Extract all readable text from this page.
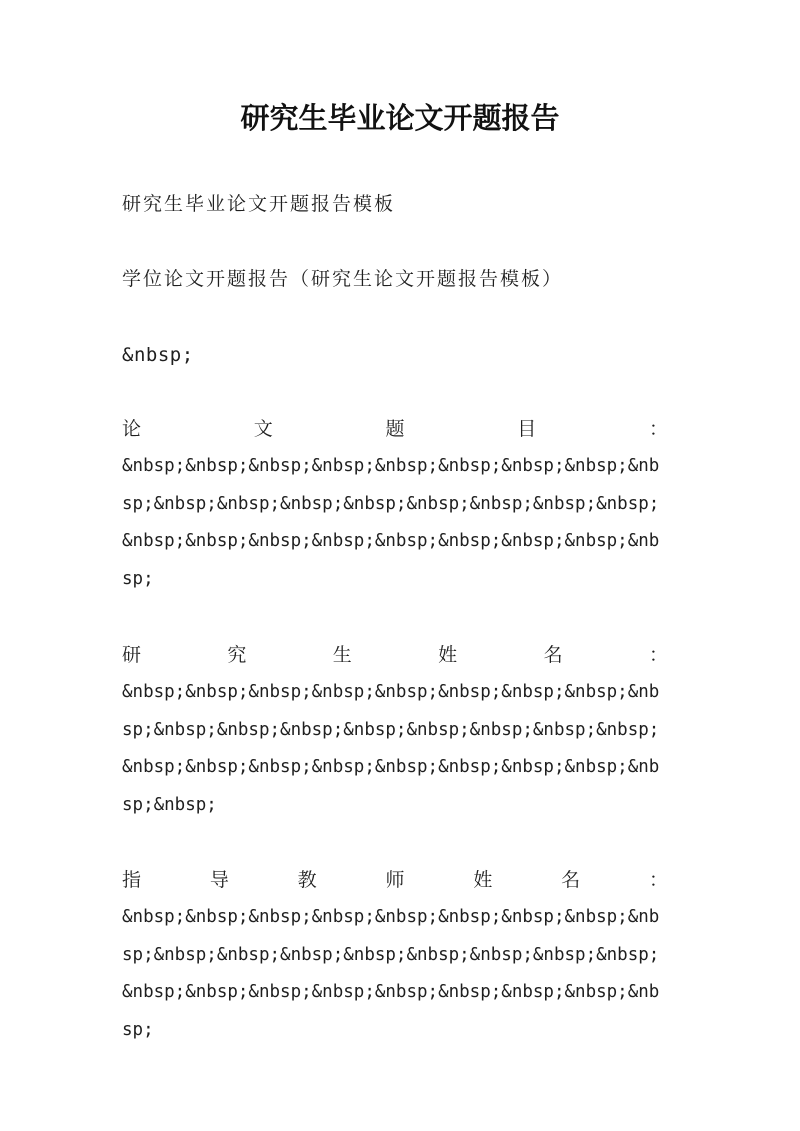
研究生毕业论文开题报告
研究生毕业论文开题报告模板
学位论文开题报告（研究生论文开题报告模板）
&nbsp;
论	文	题	目	：
&nbsp;&nbsp;&nbsp;&nbsp;&nbsp;&nbsp;&nbsp;&nbsp;&nbsp;&nbsp;&nbsp;&nbsp;&nbsp;&nbsp;&nbsp;&nbsp;&nbsp;&nbsp;&nbsp;&nbsp;&nbsp;&nbsp;&nbsp;&nbsp;&nbsp;&nbsp;
研	究	生	姓	名	：
&nbsp;&nbsp;&nbsp;&nbsp;&nbsp;&nbsp;&nbsp;&nbsp;&nbsp;&nbsp;&nbsp;&nbsp;&nbsp;&nbsp;&nbsp;&nbsp;&nbsp;&nbsp;&nbsp;&nbsp;&nbsp;&nbsp;&nbsp;&nbsp;&nbsp;&nbsp;&nbsp;
指	导	教	师	姓	名	：
&nbsp;&nbsp;&nbsp;&nbsp;&nbsp;&nbsp;&nbsp;&nbsp;&nbsp;&nbsp;&nbsp;&nbsp;&nbsp;&nbsp;&nbsp;&nbsp;&nbsp;&nbsp;&nbsp;&nbsp;&nbsp;&nbsp;&nbsp;&nbsp;&nbsp;&nbsp;
